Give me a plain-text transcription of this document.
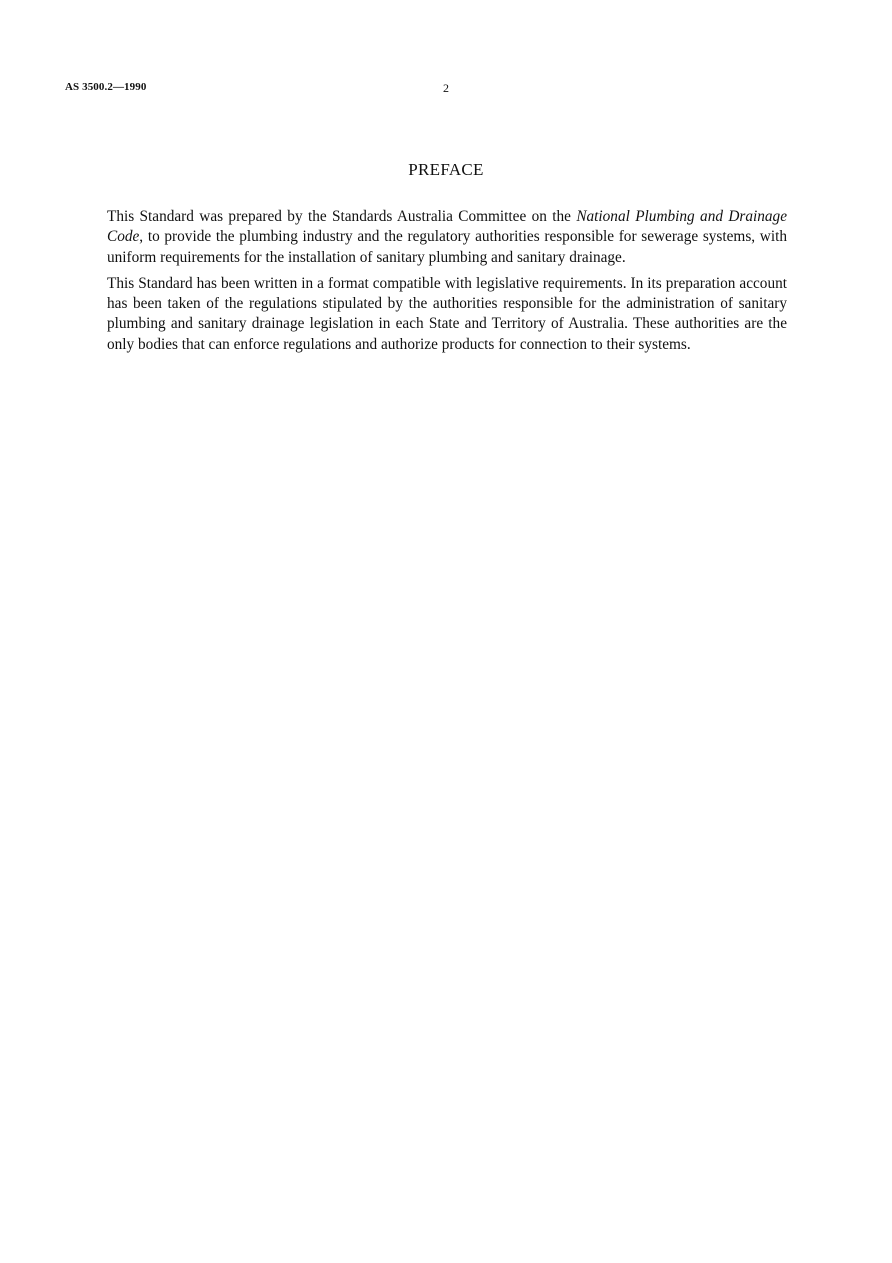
AS 3500.2—1990	2
PREFACE

This Standard was prepared by the Standards Australia Committee on the National Plumbing and Drainage Code, to provide the plumbing industry and the regulatory authorities responsible for sewerage systems, with uniform requirements for the installation of sanitary plumbing and sanitary drainage.

This Standard has been written in a format compatible with legislative requirements. In its preparation account has been taken of the regulations stipulated by the authorities responsible for the administration of sanitary plumbing and sanitary drainage legislation in each State and Territory of Australia. These authorities are the only bodies that can enforce regulations and authorize products for connection to their systems.
